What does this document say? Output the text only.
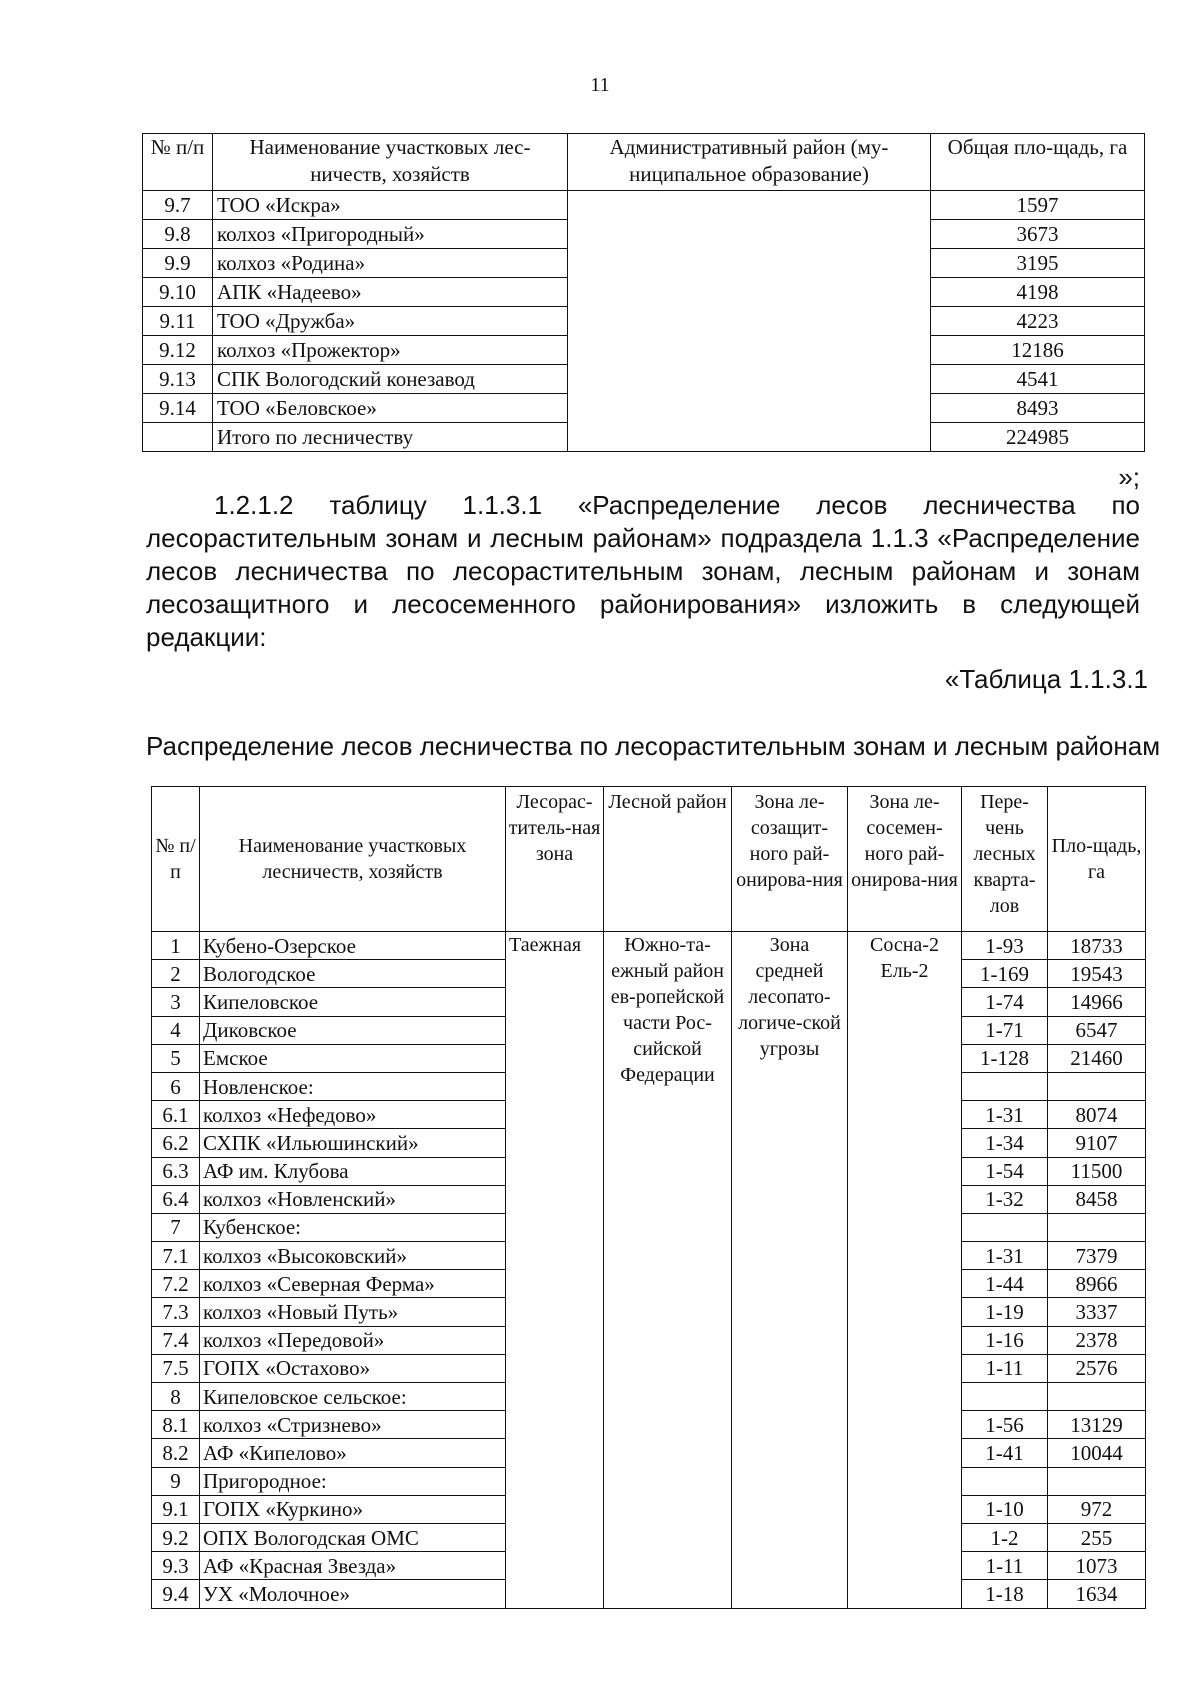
11
№ п/п	Наименование участковых лес-ничеств, хозяйств	Административный район (му-ниципальное образование)	Общая пло-щадь, га
9.7	ТОО «Искра»		1597
9.8	колхоз «Пригородный»		3673
9.9	колхоз «Родина»		3195
9.10	АПК «Надеево»		4198
9.11	ТОО «Дружба»		4223
9.12	колхоз «Прожектор»		12186
9.13	СПК Вологодский конезавод		4541
9.14	ТОО «Беловское»		8493
	Итого по лесничеству		224985
»;
1.2.1.2 таблицу 1.1.3.1 «Распределение лесов лесничества по
лесорастительным зонам и лесным районам» подраздела 1.1.3 «Распределение
лесов лесничества по лесорастительным зонам, лесным районам и зонам
лесозащитного и лесосеменного районирования» изложить в следующей
редакции:
«Таблица 1.1.3.1
Распределение лесов лесничества по лесорастительным зонам и лесным районам
№ п/п	Наименование участковых лесничеств, хозяйств	Лесорас-титель-ная зона	Лесной район	Зона ле-созащит-ного рай-онирова-ния	Зона ле-сосемен-ного рай-онирова-ния	Пере-чень лесных кварта-лов	Пло-щадь, га
1	Кубено-Озерское	Таежная	Южно-та-ежный район ев-ропейской части Рос-сийской Федерации	Зона средней лесопато-логиче-ской угрозы	Сосна-2 Ель-2	1-93	18733
2	Вологодское					1-169	19543
3	Кипеловское					1-74	14966
4	Диковское					1-71	6547
5	Емское					1-128	21460
6	Новленское:						
6.1	колхоз «Нефедово»					1-31	8074
6.2	СХПК «Ильюшинский»					1-34	9107
6.3	АФ им. Клубова					1-54	11500
6.4	колхоз «Новленский»					1-32	8458
7	Кубенское:						
7.1	колхоз «Высоковский»					1-31	7379
7.2	колхоз «Северная Ферма»					1-44	8966
7.3	колхоз «Новый Путь»					1-19	3337
7.4	колхоз «Передовой»					1-16	2378
7.5	ГОПХ «Остахово»					1-11	2576
8	Кипеловское сельское:						
8.1	колхоз «Стризнево»					1-56	13129
8.2	АФ «Кипелово»					1-41	10044
9	Пригородное:						
9.1	ГОПХ «Куркино»					1-10	972
9.2	ОПХ Вологодская ОМС					1-2	255
9.3	АФ «Красная Звезда»					1-11	1073
9.4	УХ «Молочное»					1-18	1634
